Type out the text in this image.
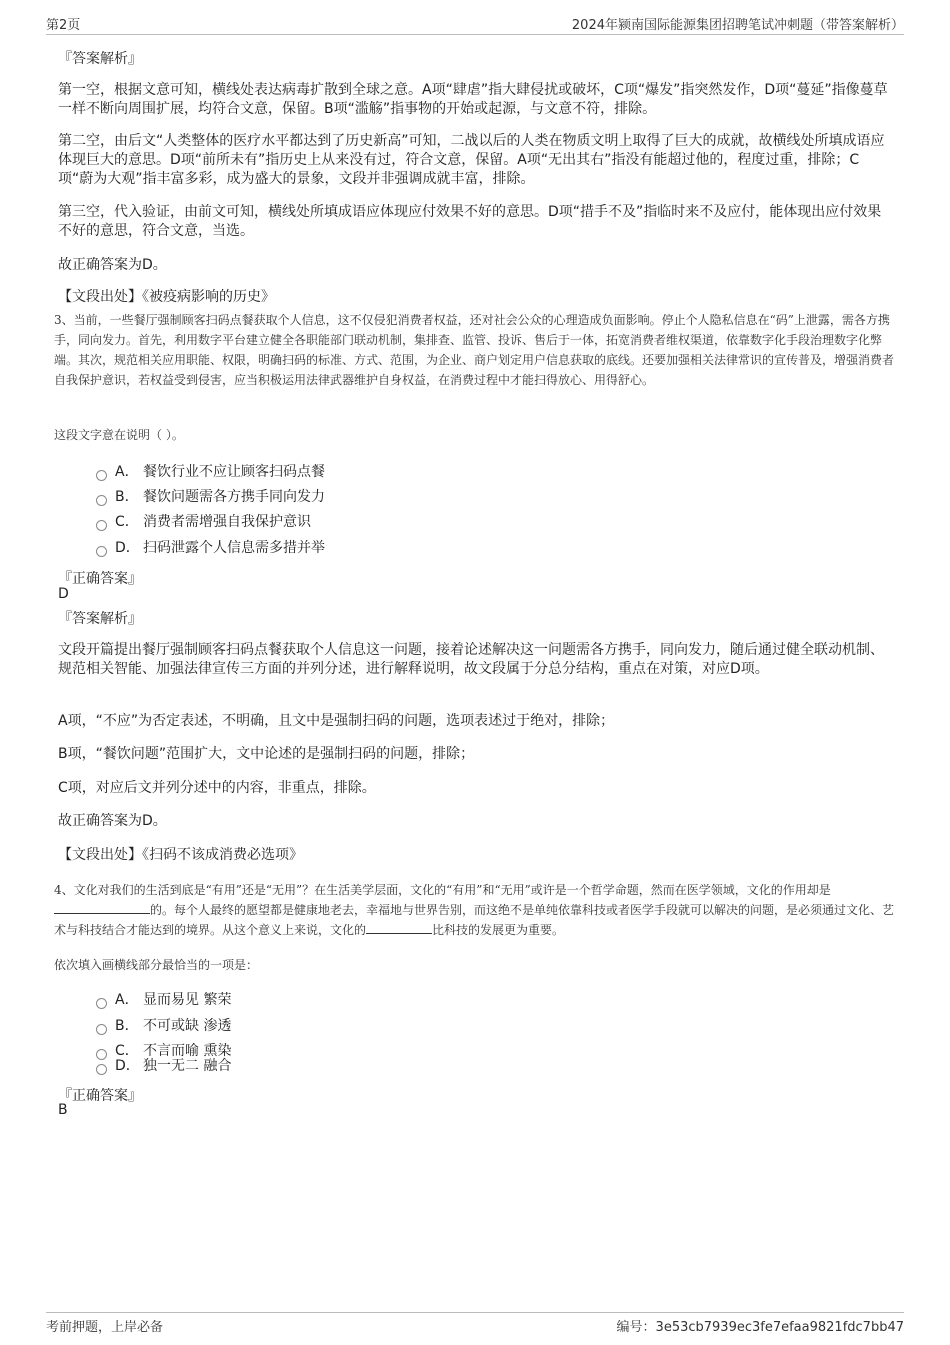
第2页	2024年颍南国际能源集团招聘笔试冲刺题（带答案解析）
『答案解析』

第一空，根据文意可知，横线处表达病毒扩散到全球之意。A项“肆虐”指大肆侵扰或破坏，C项“爆发”指突然发作，D项“蔓延”指像蔓草一样不断向周围扩展，均符合文意，保留。B项“滥觞”指事物的开始或起源，与文意不符，排除。

第二空，由后文“人类整体的医疗水平都达到了历史新高”可知，二战以后的人类在物质文明上取得了巨大的成就，故横线处所填成语应体现巨大的意思。D项“前所未有”指历史上从来没有过，符合文意，保留。A项“无出其右”指没有能超过他的，程度过重，排除；C项“蔚为大观”指丰富多彩，成为盛大的景象，文段并非强调成就丰富，排除。

第三空，代入验证，由前文可知，横线处所填成语应体现应付效果不好的意思。D项“措手不及”指临时来不及应付，能体现出应付效果不好的意思，符合文意，当选。

故正确答案为D。

【文段出处】《被疫病影响的历史》

3、当前，一些餐厅强制顾客扫码点餐获取个人信息，这不仅侵犯消费者权益，还对社会公众的心理造成负面影响。停止个人隐私信息在“码”上泄露，需各方携手，同向发力。首先，利用数字平台建立健全各职能部门联动机制，集排查、监管、投诉、售后于一体，拓宽消费者维权渠道，依靠数字化手段治理数字化弊端。其次，规范相关应用职能、权限，明确扫码的标准、方式、范围，为企业、商户划定用户信息获取的底线。还要加强相关法律常识的宣传普及，增强消费者自我保护意识，若权益受到侵害，应当积极运用法律武器维护自身权益，在消费过程中才能扫得放心、用得舒心。

这段文字意在说明（ ）。

A． 餐饮行业不应让顾客扫码点餐
B． 餐饮问题需各方携手同向发力
C． 消费者需增强自我保护意识
D． 扫码泄露个人信息需多措并举
『正确答案』
D
『答案解析』

文段开篇提出餐厅强制顾客扫码点餐获取个人信息这一问题，接着论述解决这一问题需各方携手，同向发力，随后通过健全联动机制、规范相关智能、加强法律宣传三方面的并列分述，进行解释说明，故文段属于分总分结构，重点在对策，对应D项。

A项，“不应”为否定表述，不明确，且文中是强制扫码的问题，选项表述过于绝对，排除；

B项，“餐饮问题”范围扩大，文中论述的是强制扫码的问题，排除；

C项，对应后文并列分述中的内容，非重点，排除。

故正确答案为D。

【文段出处】《扫码不该成消费必选项》

4、文化对我们的生活到底是“有用”还是“无用”？在生活美学层面，文化的“有用”和“无用”或许是一个哲学命题，然而在医学领域，文化的作用却是的。每个人最终的愿望都是健康地老去，幸福地与世界告别，而这绝不是单纯依靠科技或者医学手段就可以解决的问题，是必须通过文化、艺术与科技结合才能达到的境界。从这个意义上来说，文化的	比科技的发展更为重要。

依次填入画横线部分最恰当的一项是：

A． 显而易见 繁荣
B． 不可或缺 渗透
C． 不言而喻 熏染
D． 独一无二 融合
『正确答案』
B
考前押题，上岸必备	编号：3e53cb7939ec3fe7efaa9821fdc7bb47
